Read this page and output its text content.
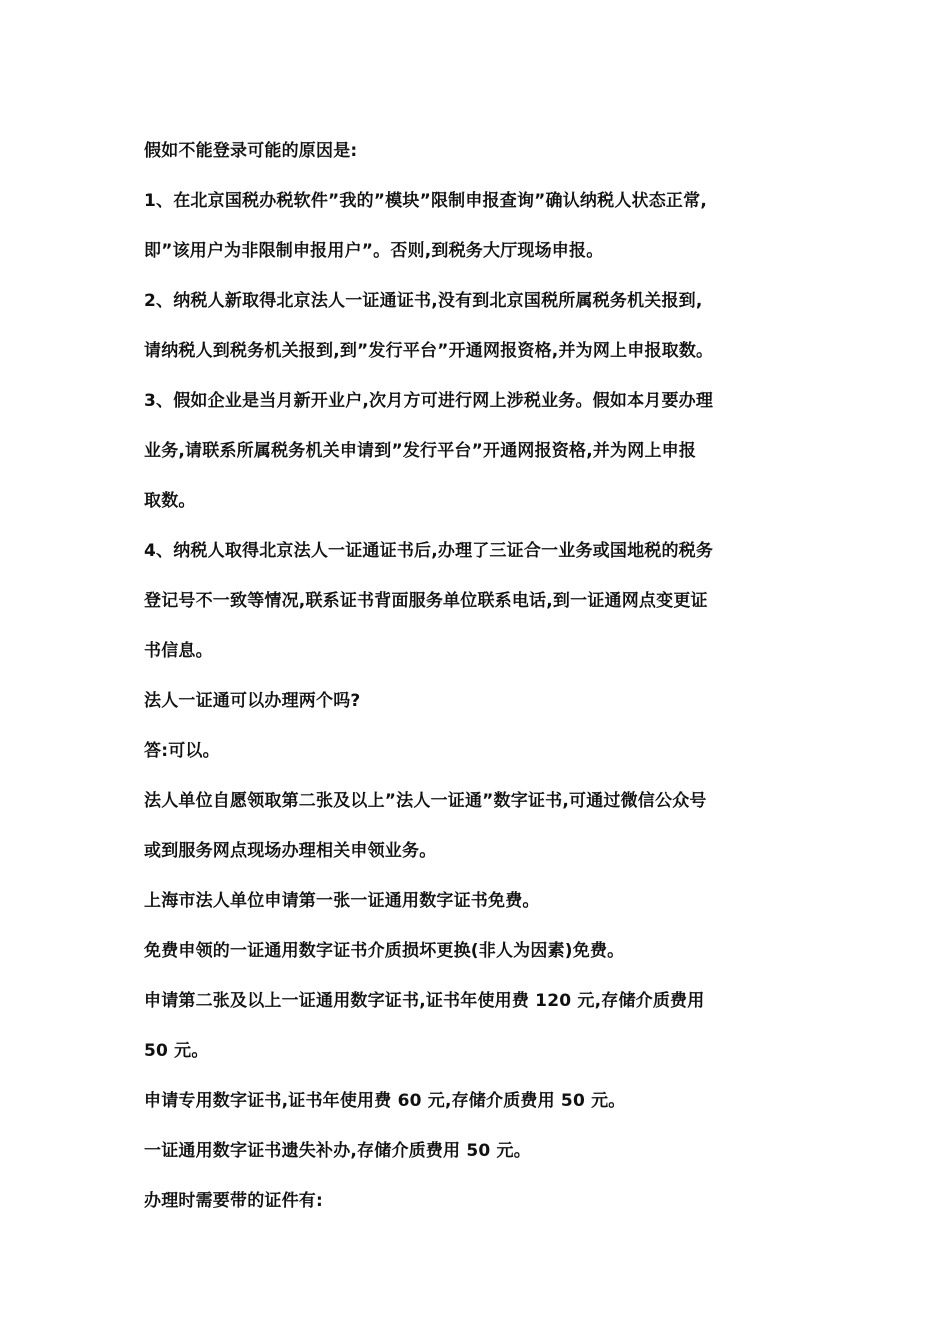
假如不能登录可能的原因是:
1、在北京国税办税软件”我的”模块”限制申报查询”确认纳税人状态正常,
即”该用户为非限制申报用户”。否则,到税务大厅现场申报。
2、纳税人新取得北京法人一证通证书,没有到北京国税所属税务机关报到,
请纳税人到税务机关报到,到”发行平台”开通网报资格,并为网上申报取数。
3、假如企业是当月新开业户,次月方可进行网上涉税业务。假如本月要办理
业务,请联系所属税务机关申请到”发行平台”开通网报资格,并为网上申报
取数。
4、纳税人取得北京法人一证通证书后,办理了三证合一业务或国地税的税务
登记号不一致等情况,联系证书背面服务单位联系电话,到一证通网点变更证
书信息。
法人一证通可以办理两个吗?
答:可以。
法人单位自愿领取第二张及以上”法人一证通”数字证书,可通过微信公众号
或到服务网点现场办理相关申领业务。
上海市法人单位申请第一张一证通用数字证书免费。
免费申领的一证通用数字证书介质损坏更换(非人为因素)免费。
申请第二张及以上一证通用数字证书,证书年使用费 120 元,存储介质费用
50 元。
申请专用数字证书,证书年使用费 60 元,存储介质费用 50 元。
一证通用数字证书遗失补办,存储介质费用 50 元。
办理时需要带的证件有:
